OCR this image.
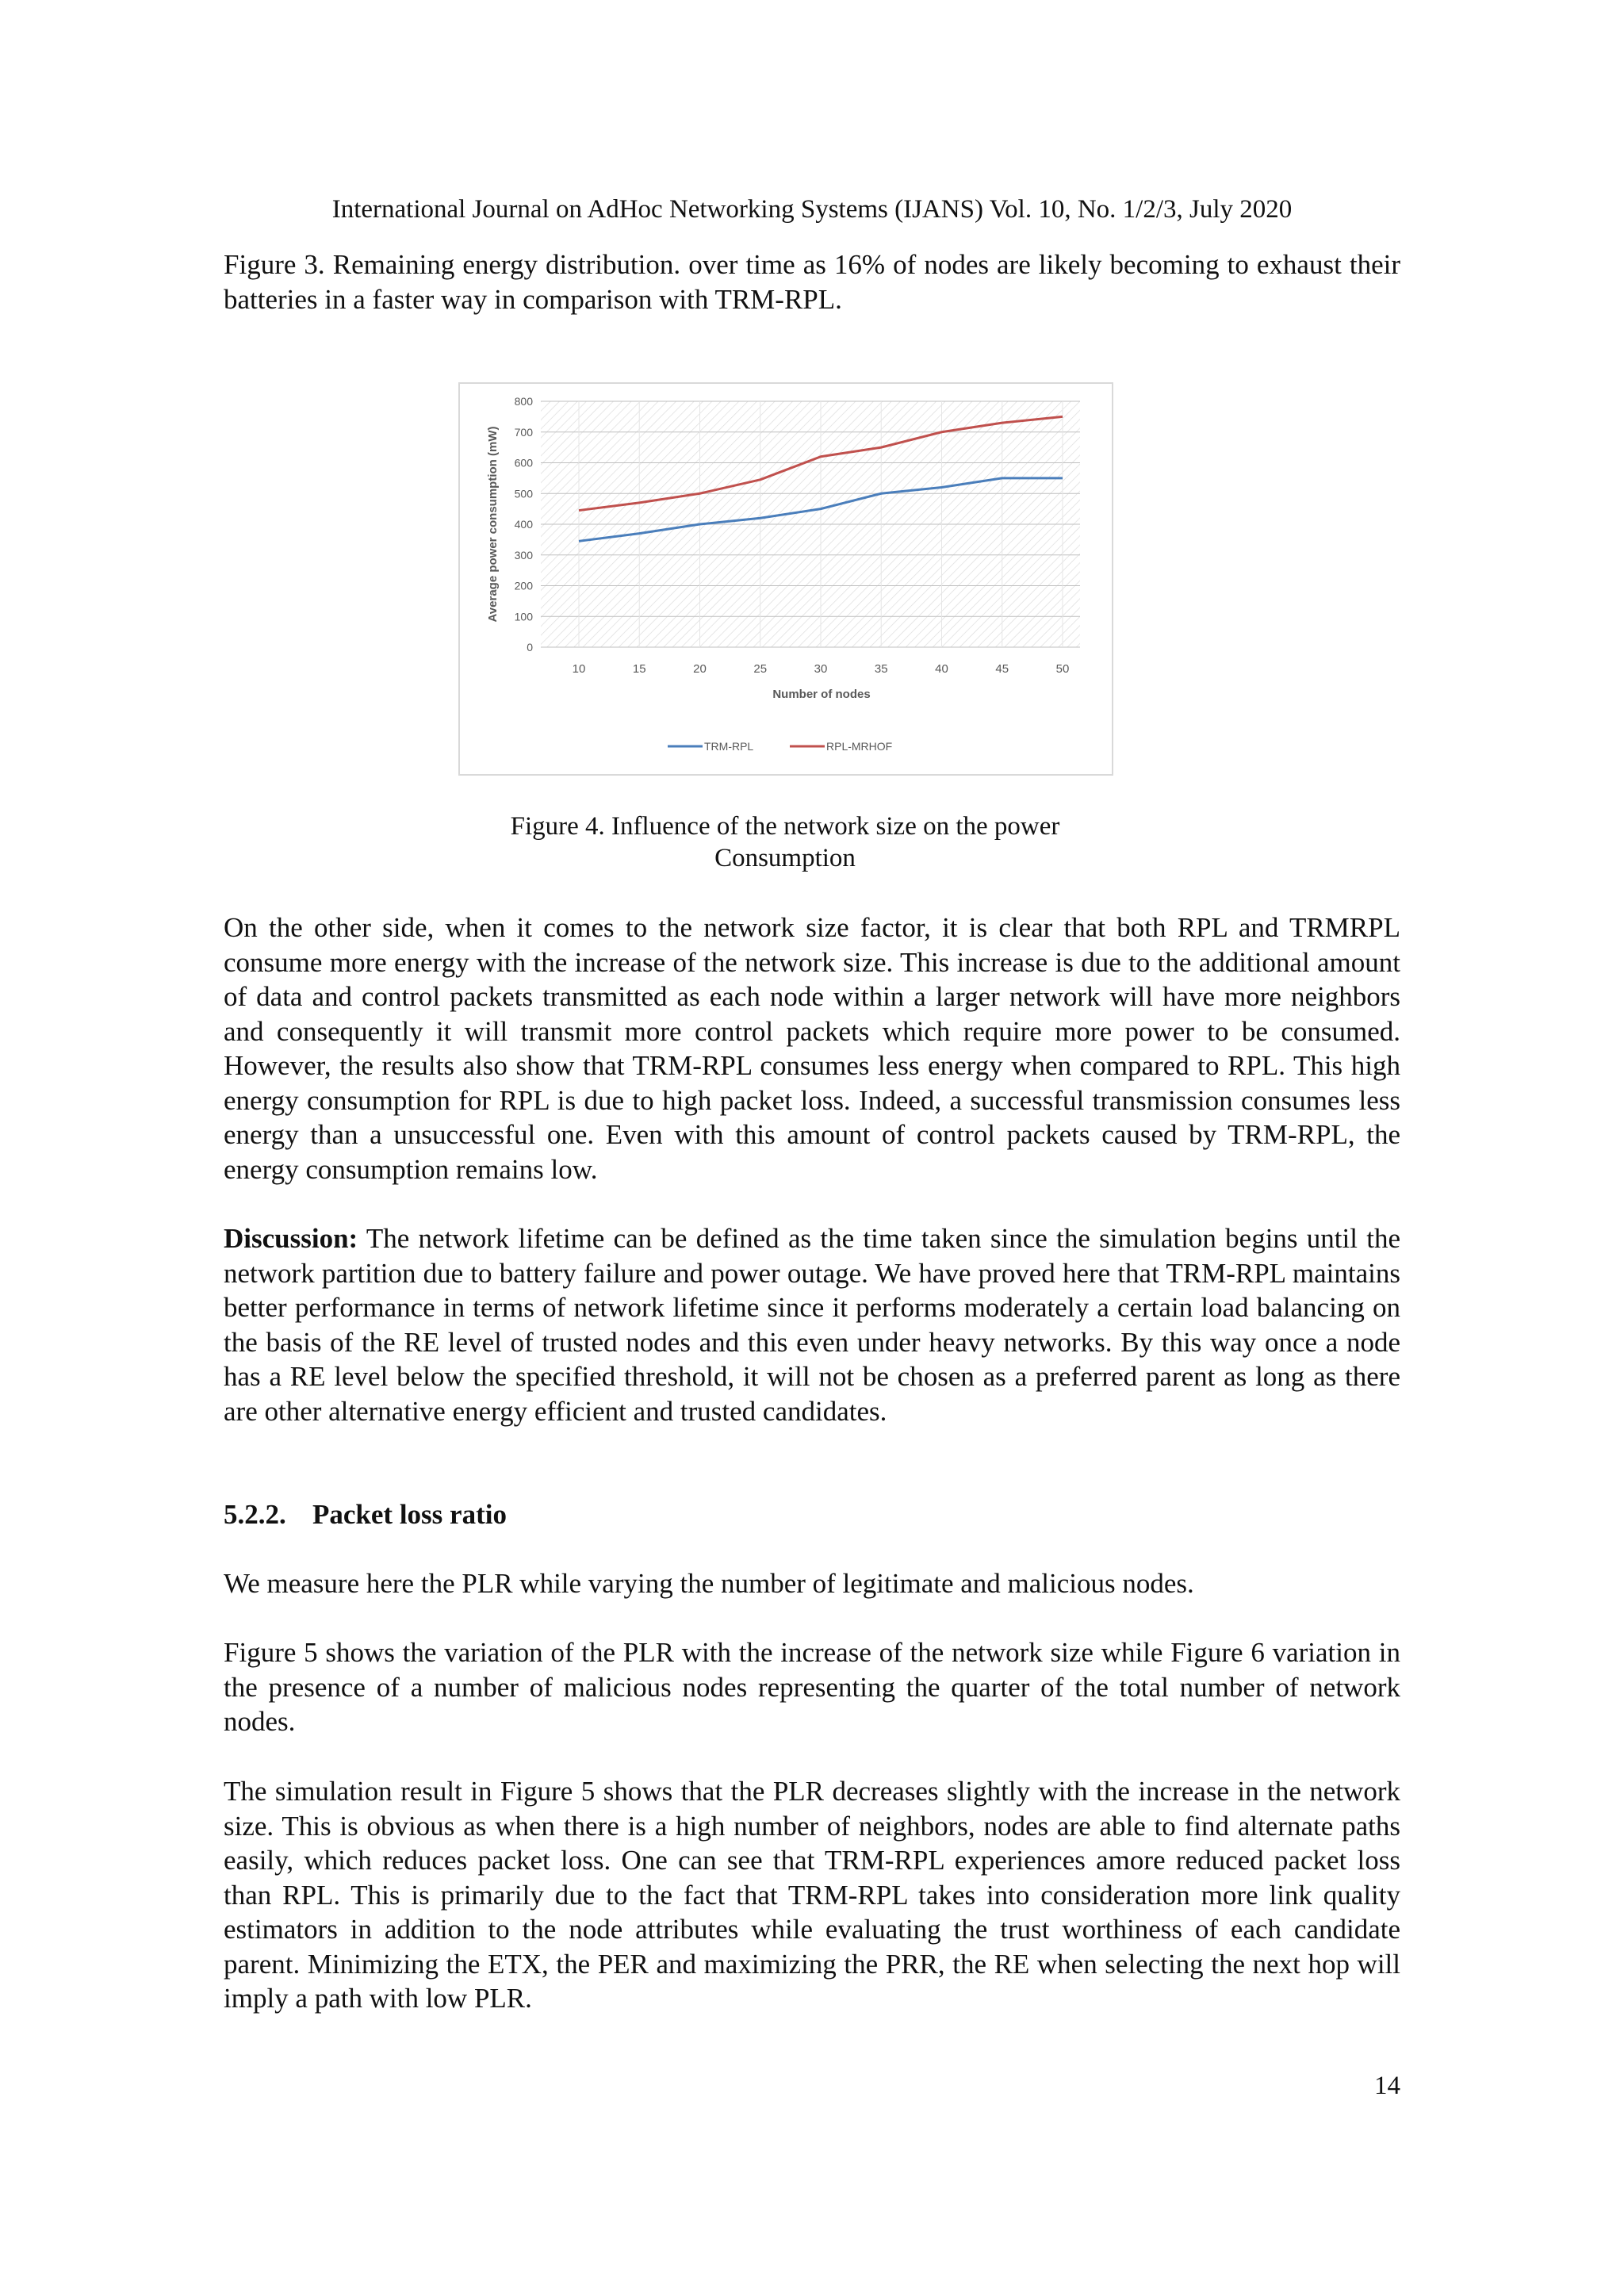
International Journal on AdHoc Networking Systems (IJANS) Vol. 10, No. 1/2/3, July 2020

Figure 3. Remaining energy distribution. over time as 16% of nodes are likely becoming to exhaust their batteries in a faster way in comparison with TRM-RPL.

0
100
200
300
400
500
600
700
800
10	15	20	25	30	35	40	45	50
Average power consumption (mW)
Number of nodes
TRM-RPL	RPL-MRHOF
Figure 4. Influence of the network size on the power
Consumption

On the other side, when it comes to the network size factor, it is clear that both RPL and TRMRPL consume more energy with the increase of the network size. This increase is due to the additional amount of data and control packets transmitted as each node within a larger network will have more neighbors and consequently it will transmit more control packets which require more power to be consumed. However, the results also show that TRM-RPL consumes less energy when compared to RPL. This high energy consumption for RPL is due to high packet loss. Indeed, a successful transmission consumes less energy than a unsuccessful one. Even with this amount of control packets caused by TRM-RPL, the energy consumption remains low.

Discussion: The network lifetime can be defined as the time taken since the simulation begins until the network partition due to battery failure and power outage. We have proved here that TRM-RPL maintains better performance in terms of network lifetime since it performs moderately a certain load balancing on the basis of the RE level of trusted nodes and this even under heavy networks. By this way once a node has a RE level below the specified threshold, it will not be chosen as a preferred parent as long as there are other alternative energy efficient and trusted candidates.

5.2.2. Packet loss ratio

We measure here the PLR while varying the number of legitimate and malicious nodes.

Figure 5 shows the variation of the PLR with the increase of the network size while Figure 6 variation in the presence of a number of malicious nodes representing the quarter of the total number of network nodes.

The simulation result in Figure 5 shows that the PLR decreases slightly with the increase in the network size. This is obvious as when there is a high number of neighbors, nodes are able to find alternate paths easily, which reduces packet loss. One can see that TRM-RPL experiences amore reduced packet loss than RPL. This is primarily due to the fact that TRM-RPL takes into consideration more link quality estimators in addition to the node attributes while evaluating the trust worthiness of each candidate parent. Minimizing the ETX, the PER and maximizing the PRR, the RE when selecting the next hop will imply a path with low PLR.

14
